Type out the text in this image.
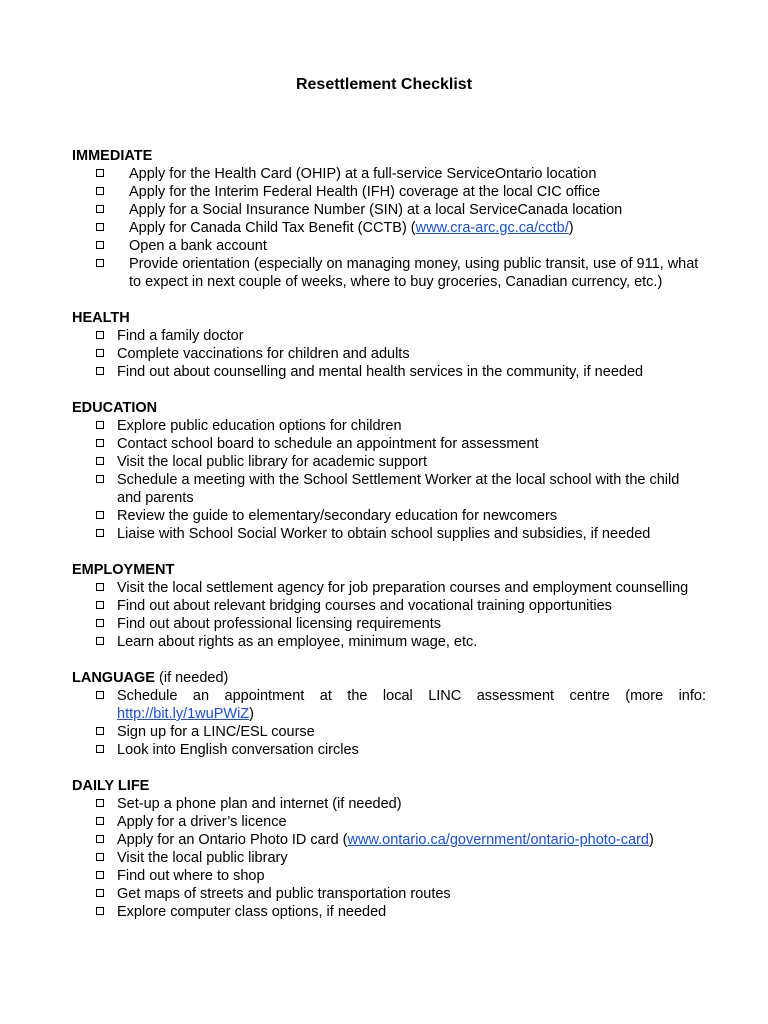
Resettlement Checklist

IMMEDIATE

Apply for the Health Card (OHIP) at a full-service ServiceOntario location
Apply for the Interim Federal Health (IFH) coverage at the local CIC office
Apply for a Social Insurance Number (SIN) at a local ServiceCanada location
Apply for Canada Child Tax Benefit (CCTB) (www.cra-arc.gc.ca/cctb/)
Open a bank account
Provide orientation (especially on managing money, using public transit, use of 911, what to expect in next couple of weeks, where to buy groceries, Canadian currency, etc.)

HEALTH

Find a family doctor
Complete vaccinations for children and adults
Find out about counselling and mental health services in the community, if needed

EDUCATION

Explore public education options for children
Contact school board to schedule an appointment for assessment
Visit the local public library for academic support
Schedule a meeting with the School Settlement Worker at the local school with the child and parents
Review the guide to elementary/secondary education for newcomers
Liaise with School Social Worker to obtain school supplies and subsidies, if needed

EMPLOYMENT

Visit the local settlement agency for job preparation courses and employment counselling
Find out about relevant bridging courses and vocational training opportunities
Find out about professional licensing requirements
Learn about rights as an employee, minimum wage, etc.

LANGUAGE (if needed)

Schedule an appointment at the local LINC assessment centre (more info: http://bit.ly/1wuPWiZ)
Sign up for a LINC/ESL course
Look into English conversation circles

DAILY LIFE

Set-up a phone plan and internet (if needed)
Apply for a driver’s licence
Apply for an Ontario Photo ID card (www.ontario.ca/government/ontario-photo-card)
Visit the local public library
Find out where to shop
Get maps of streets and public transportation routes
Explore computer class options, if needed
